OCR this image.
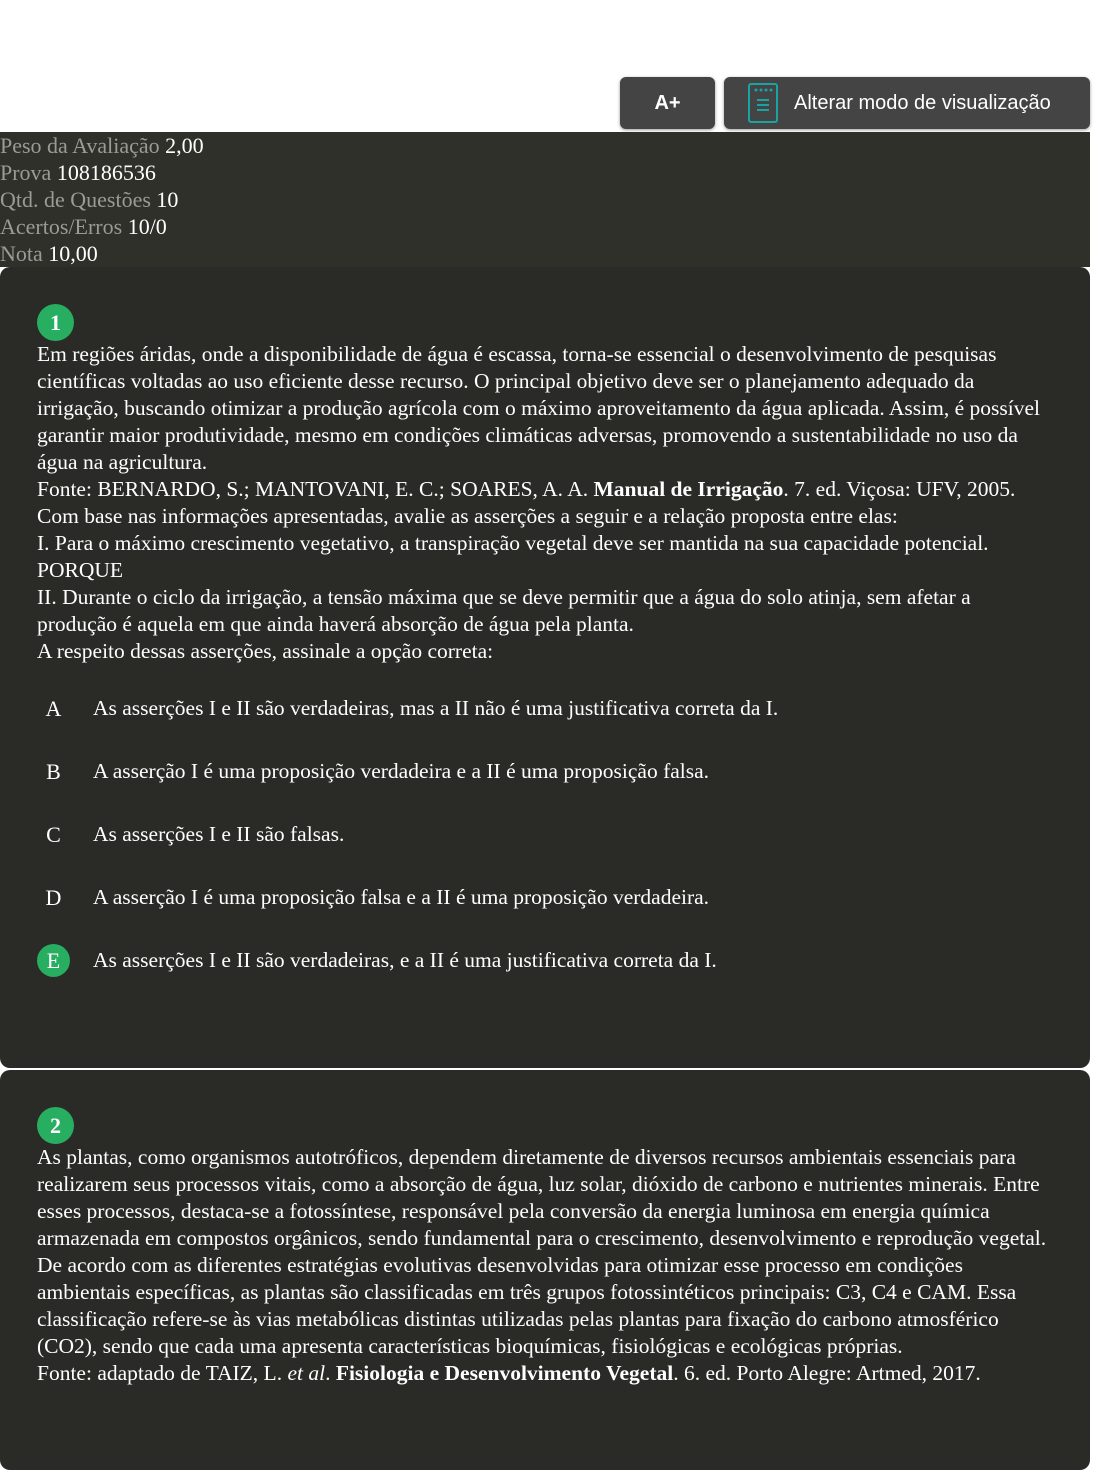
A+	Alterar modo de visualização
Peso da Avaliação 2,00
Prova 108186536
Qtd. de Questões 10
Acertos/Erros 10/0
Nota 10,00
1
Em regiões áridas, onde a disponibilidade de água é escassa, torna-se essencial o desenvolvimento de pesquisas científicas voltadas ao uso eficiente desse recurso. O principal objetivo deve ser o planejamento adequado da irrigação, buscando otimizar a produção agrícola com o máximo aproveitamento da água aplicada. Assim, é possível garantir maior produtividade, mesmo em condições climáticas adversas, promovendo a sustentabilidade no uso da água na agricultura.
Fonte: BERNARDO, S.; MANTOVANI, E. C.; SOARES, A. A. Manual de Irrigação. 7. ed. Viçosa: UFV, 2005.
Com base nas informações apresentadas, avalie as asserções a seguir e a relação proposta entre elas:
I. Para o máximo crescimento vegetativo, a transpiração vegetal deve ser mantida na sua capacidade potencial.
PORQUE
II. Durante o ciclo da irrigação, a tensão máxima que se deve permitir que a água do solo atinja, sem afetar a produção é aquela em que ainda haverá absorção de água pela planta.
A respeito dessas asserções, assinale a opção correta:
A	As asserções I e II são verdadeiras, mas a II não é uma justificativa correta da I.
B	A asserção I é uma proposição verdadeira e a II é uma proposição falsa.
C	As asserções I e II são falsas.
D	A asserção I é uma proposição falsa e a II é uma proposição verdadeira.
E	As asserções I e II são verdadeiras, e a II é uma justificativa correta da I.
2
As plantas, como organismos autotróficos, dependem diretamente de diversos recursos ambientais essenciais para realizarem seus processos vitais, como a absorção de água, luz solar, dióxido de carbono e nutrientes minerais. Entre esses processos, destaca-se a fotossíntese, responsável pela conversão da energia luminosa em energia química armazenada em compostos orgânicos, sendo fundamental para o crescimento, desenvolvimento e reprodução vegetal. De acordo com as diferentes estratégias evolutivas desenvolvidas para otimizar esse processo em condições ambientais específicas, as plantas são classificadas em três grupos fotossintéticos principais: C3, C4 e CAM. Essa classificação refere-se às vias metabólicas distintas utilizadas pelas plantas para fixação do carbono atmosférico (CO2), sendo que cada uma apresenta características bioquímicas, fisiológicas e ecológicas próprias.
Fonte: adaptado de TAIZ, L. et al. Fisiologia e Desenvolvimento Vegetal. 6. ed. Porto Alegre: Artmed, 2017.
